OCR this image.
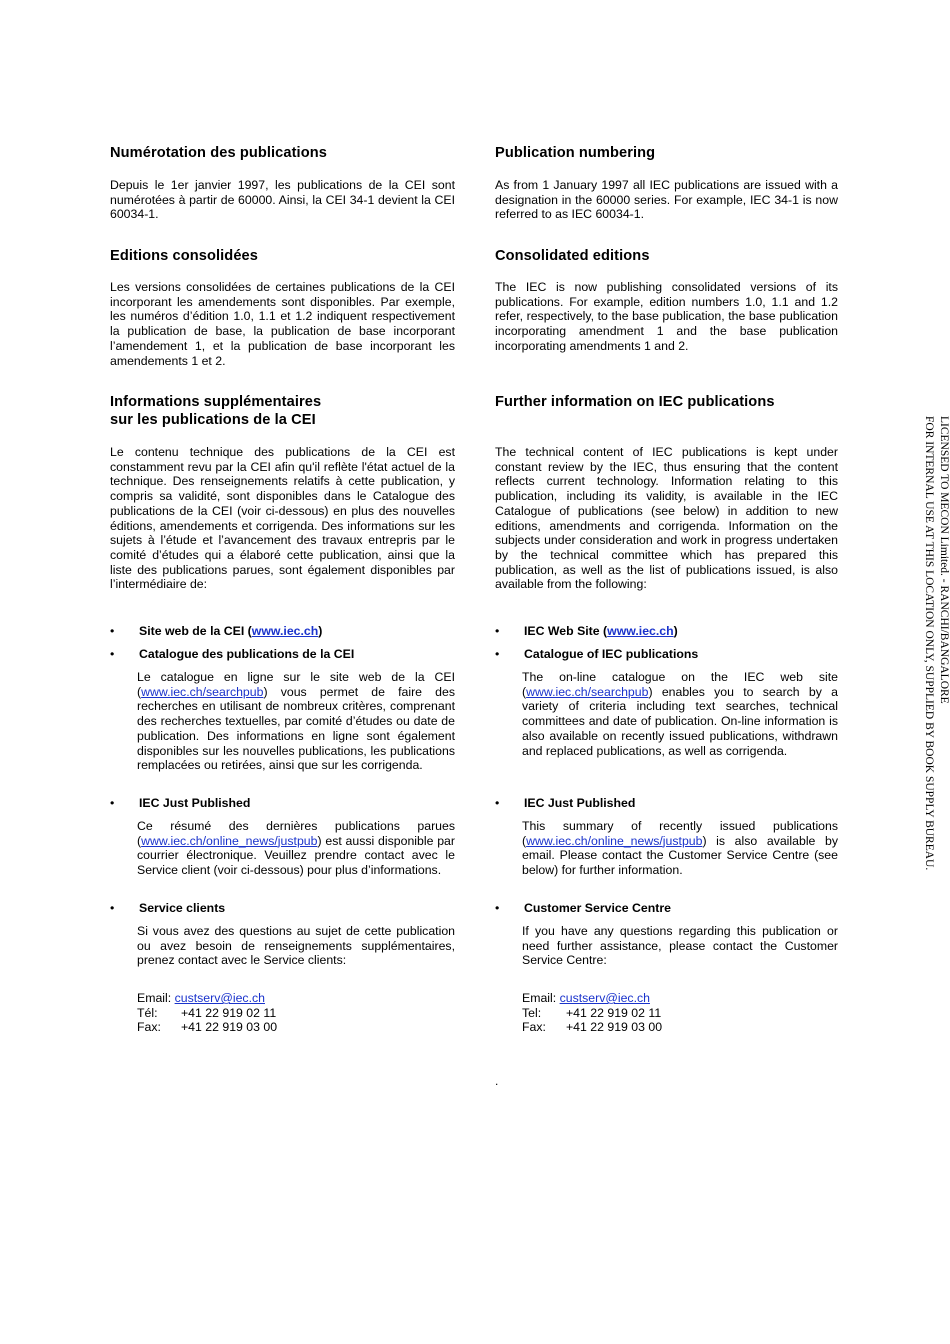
Numérotation des publications

Depuis le 1er janvier 1997, les publications de la CEI sont numérotées à partir de 60000. Ainsi, la CEI 34-1 devient la CEI 60034-1.

Editions consolidées

Les versions consolidées de certaines publications de la CEI incorporant les amendements sont disponibles. Par exemple, les numéros d’édition 1.0, 1.1 et 1.2 indiquent respectivement la publication de base, la publication de base incorporant l’amendement 1, et la publication de base incorporant les amendements 1 et 2.

Informations supplémentaires
sur les publications de la CEI

Le contenu technique des publications de la CEI est constamment revu par la CEI afin qu'il reflète l'état actuel de la technique. Des renseignements relatifs à cette publication, y compris sa validité, sont disponibles dans le Catalogue des publications de la CEI (voir ci-dessous) en plus des nouvelles éditions, amendements et corrigenda. Des informations sur les sujets à l’étude et l’avancement des travaux entrepris par le comité d’études qui a élaboré cette publication, ainsi que la liste des publications parues, sont également disponibles par l’intermédiaire de:

• Site web de la CEI (www.iec.ch)
• Catalogue des publications de la CEI

Le catalogue en ligne sur le site web de la CEI (www.iec.ch/searchpub) vous permet de faire des recherches en utilisant de nombreux critères, comprenant des recherches textuelles, par comité d’études ou date de publication. Des informations en ligne sont également disponibles sur les nouvelles publications, les publications remplacées ou retirées, ainsi que sur les corrigenda.

• IEC Just Published

Ce résumé des dernières publications parues (www.iec.ch/online_news/justpub) est aussi disponible par courrier électronique. Veuillez prendre contact avec le Service client (voir ci-dessous) pour plus d’informations.

• Service clients

Si vous avez des questions au sujet de cette publication ou avez besoin de renseignements supplémentaires, prenez contact avec le Service clients:

Email: custserv@iec.ch
Tél: +41 22 919 02 11
Fax: +41 22 919 03 00
Publication numbering

As from 1 January 1997 all IEC publications are issued with a designation in the 60000 series. For example, IEC 34-1 is now referred to as IEC 60034-1.

Consolidated editions

The IEC is now publishing consolidated versions of its publications. For example, edition numbers 1.0, 1.1 and 1.2 refer, respectively, to the base publication, the base publication incorporating amendment 1 and the base publication incorporating amendments 1 and 2.

Further information on IEC publications

The technical content of IEC publications is kept under constant review by the IEC, thus ensuring that the content reflects current technology. Information relating to this publication, including its validity, is available in the IEC Catalogue of publications (see below) in addition to new editions, amendments and corrigenda. Information on the subjects under consideration and work in progress undertaken by the technical committee which has prepared this publication, as well as the list of publications issued, is also available from the following:

• IEC Web Site (www.iec.ch)
• Catalogue of IEC publications

The on-line catalogue on the IEC web site (www.iec.ch/searchpub) enables you to search by a variety of criteria including text searches, technical committees and date of publication. On-line information is also available on recently issued publications, withdrawn and replaced publications, as well as corrigenda.

• IEC Just Published

This summary of recently issued publications (www.iec.ch/online_news/justpub) is also available by email. Please contact the Customer Service Centre (see below) for further information.

• Customer Service Centre

If you have any questions regarding this publication or need further assistance, please contact the Customer Service Centre:

Email: custserv@iec.ch
Tel: +41 22 919 02 11
Fax: +41 22 919 03 00
.
LICENSED TO MECON Limited. - RANCHI/BANGALORE
FOR INTERNAL USE AT THIS LOCATION ONLY, SUPPLIED BY BOOK SUPPLY BUREAU.
